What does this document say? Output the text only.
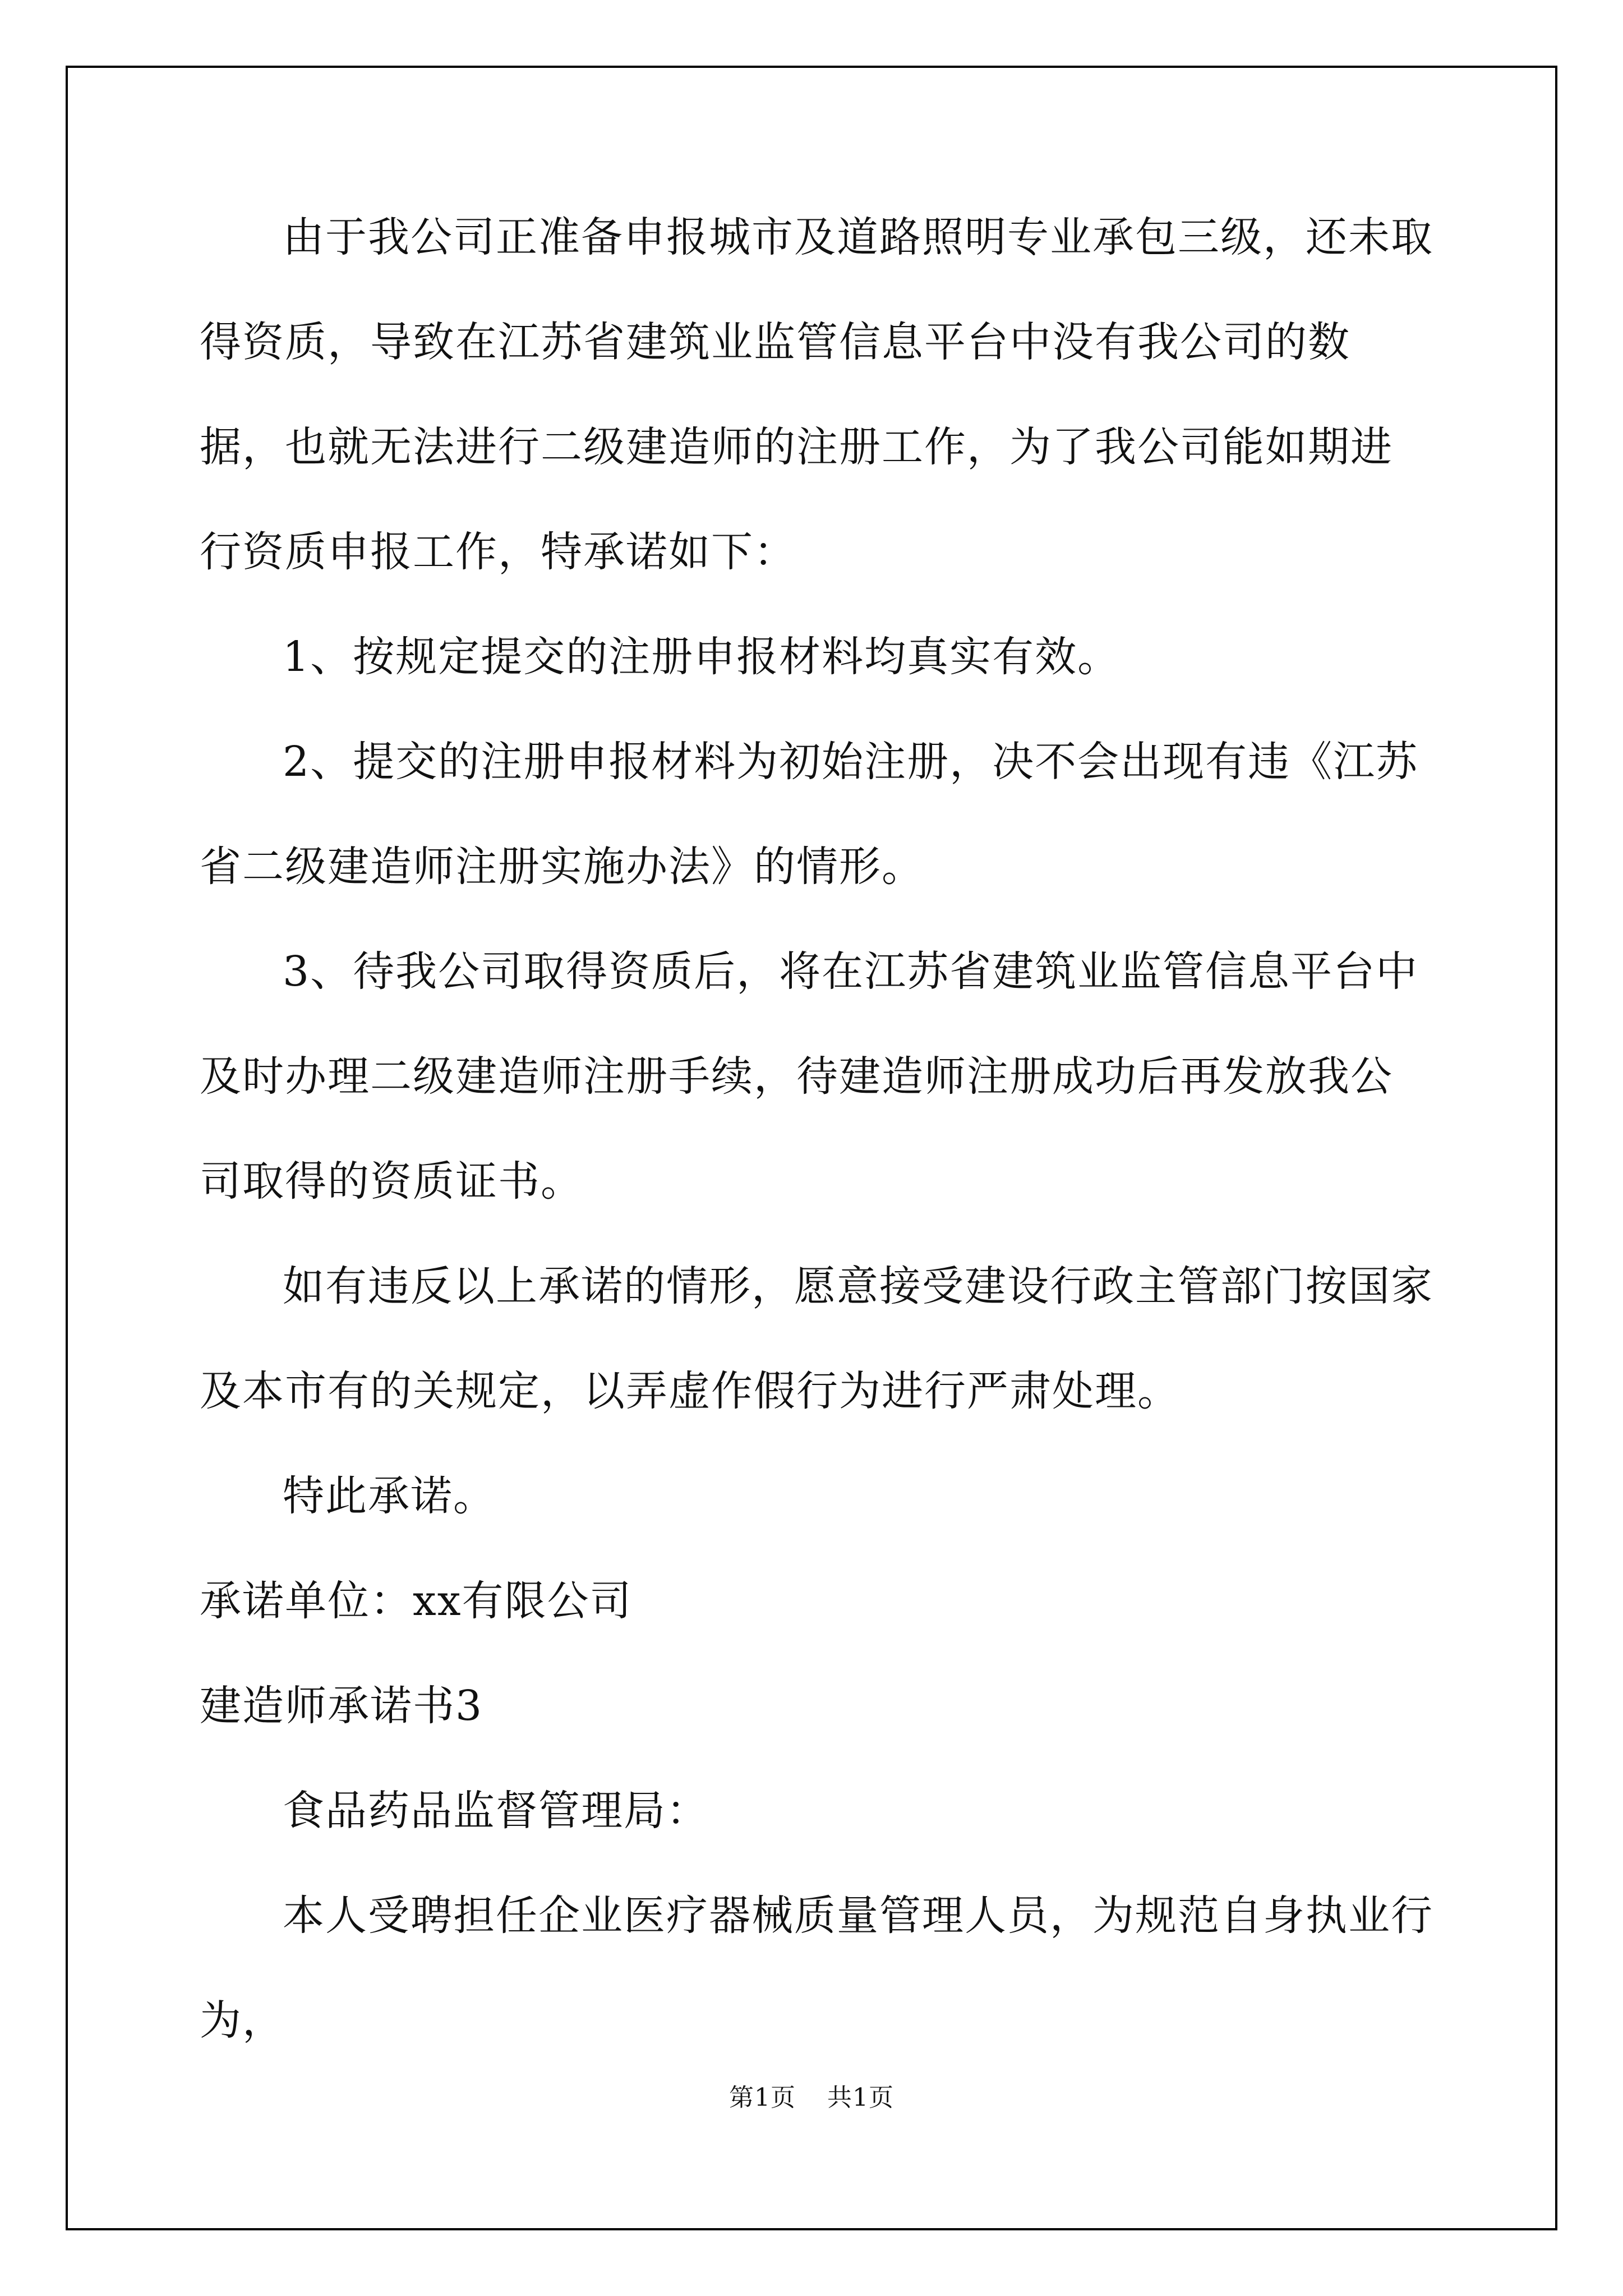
由于我公司正准备申报城市及道路照明专业承包三级，还未取得资质，导致在江苏省建筑业监管信息平台中没有我公司的数据，也就无法进行二级建造师的注册工作，为了我公司能如期进行资质申报工作，特承诺如下：

1、按规定提交的注册申报材料均真实有效。

2、提交的注册申报材料为初始注册，决不会出现有违《江苏省二级建造师注册实施办法》的情形。

3、待我公司取得资质后，将在江苏省建筑业监管信息平台中及时办理二级建造师注册手续，待建造师注册成功后再发放我公司取得的资质证书。

如有违反以上承诺的情形，愿意接受建设行政主管部门按国家及本市有的关规定，以弄虚作假行为进行严肃处理。

特此承诺。

承诺单位：xx有限公司

建造师承诺书3

食品药品监督管理局：

本人受聘担任企业医疗器械质量管理人员，为规范自身执业行为，

第1页 共1页
